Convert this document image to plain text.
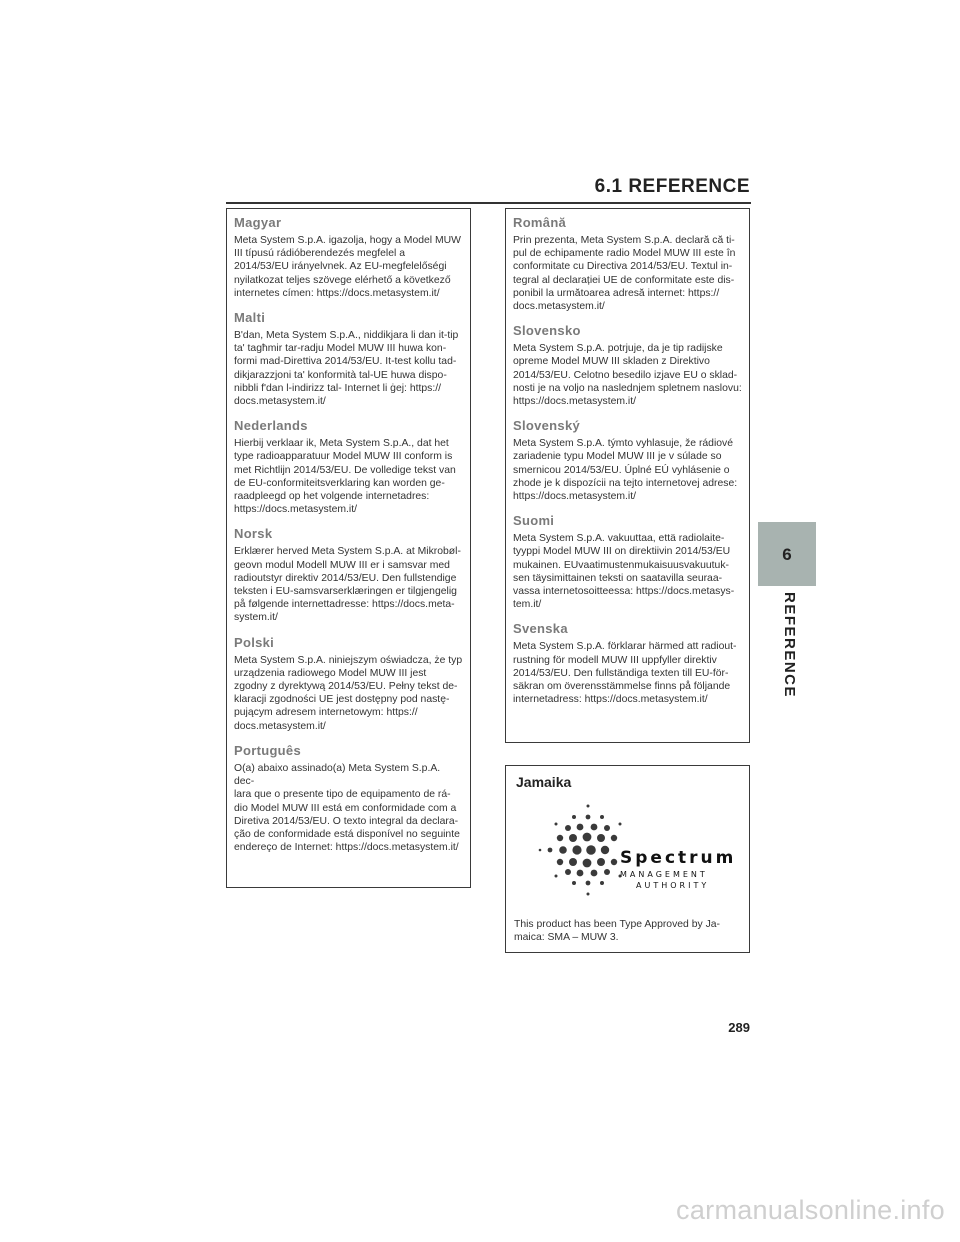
6.1 REFERENCE
Magyar

Meta System S.p.A. igazolja, hogy a Model MUW
III típusú rádióberendezés megfelel a
2014/53/EU irányelvnek. Az EU-megfelelőségi
nyilatkozat teljes szövege elérhető a következő
internetes címen: https://docs.metasystem.it/

Malti

B'dan, Meta System S.p.A., niddikjara li dan it-tip
ta' tagħmir tar-radju Model MUW III huwa kon-
formi mad-Direttiva 2014/53/EU. It-test kollu tad-
dikjarazzjoni ta' konformità tal-UE huwa dispo-
nibbli f'dan l-indirizz tal- Internet li ġej: https://
docs.metasystem.it/

Nederlands

Hierbij verklaar ik, Meta System S.p.A., dat het
type radioapparatuur Model MUW III conform is
met Richtlijn 2014/53/EU. De volledige tekst van
de EU-conformiteitsverklaring kan worden ge-
raadpleegd op het volgende internetadres:
https://docs.metasystem.it/

Norsk

Erklærer herved Meta System S.p.A. at Mikrobøl-
geovn modul Modell MUW III er i samsvar med
radioutstyr direktiv 2014/53/EU. Den fullstendige
teksten i EU-samsvarserklæringen er tilgjengelig
på følgende internettadresse: https://docs.meta-
system.it/

Polski

Meta System S.p.A. niniejszym oświadcza, że typ
urządzenia radiowego Model MUW III jest
zgodny z dyrektywą 2014/53/EU. Pełny tekst de-
klaracji zgodności UE jest dostępny pod nastę-
pującym adresem internetowym: https://
docs.metasystem.it/

Português

O(a) abaixo assinado(a) Meta System S.p.A. dec-
lara que o presente tipo de equipamento de rá-
dio Model MUW III está em conformidade com a
Diretiva 2014/53/EU. O texto integral da declara-
ção de conformidade está disponível no seguinte
endereço de Internet: https://docs.metasystem.it/

Română

Prin prezenta, Meta System S.p.A. declară că ti-
pul de echipamente radio Model MUW III este în
conformitate cu Directiva 2014/53/EU. Textul in-
tegral al declarației UE de conformitate este dis-
ponibil la următoarea adresă internet: https://
docs.metasystem.it/

Slovensko

Meta System S.p.A. potrjuje, da je tip radijske
opreme Model MUW III skladen z Direktivo
2014/53/EU. Celotno besedilo izjave EU o sklad-
nosti je na voljo na naslednjem spletnem naslovu:
https://docs.metasystem.it/

Slovenský

Meta System S.p.A. týmto vyhlasuje, že rádiové
zariadenie typu Model MUW III je v súlade so
smernicou 2014/53/EU. Úplné EÚ vyhlásenie o
zhode je k dispozícii na tejto internetovej adrese:
https://docs.metasystem.it/

Suomi

Meta System S.p.A. vakuuttaa, että radiolaite-
tyyppi Model MUW III on direktiivin 2014/53/EU
mukainen. EUvaatimustenmukaisuusvakuutuk-
sen täysimittainen teksti on saatavilla seuraa-
vassa internetosoitteessa: https://docs.metasys-
tem.it/

Svenska

Meta System S.p.A. förklarar härmed att radiout-
rustning för modell MUW III uppfyller direktiv
2014/53/EU. Den fullständiga texten till EU-för-
säkran om överensstämmelse finns på följande
internetadress: https://docs.metasystem.it/

Jamaika
Spectrum
MANAGEMENT
AUTHORITY

This product has been Type Approved by Ja-
maica: SMA – MUW 3.

6
REFERENCE
289
carmanualsonline.info
